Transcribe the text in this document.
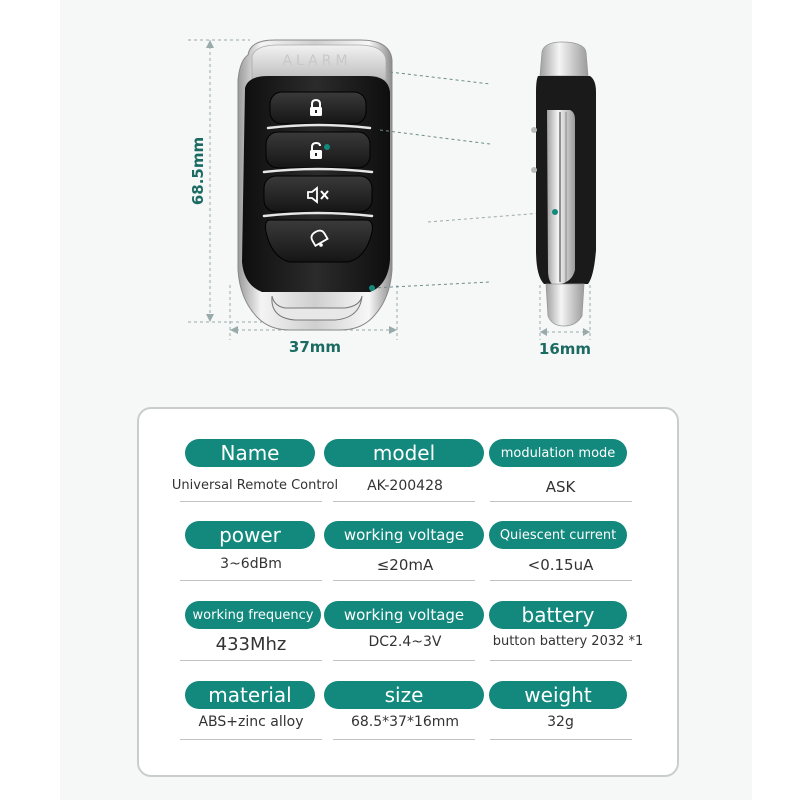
ALARM
68.5mm
37mm	16mm
Name	model	modulation mode
Universal Remote Control	AK-200428	ASK
power	working voltage	Quiescent current
3~6dBm	≤20mA	<0.15uA
working frequency	working voltage	battery
433Mhz	DC2.4~3V	button battery 2032 *1
material	size	weight
ABS+zinc alloy	68.5*37*16mm	32g
